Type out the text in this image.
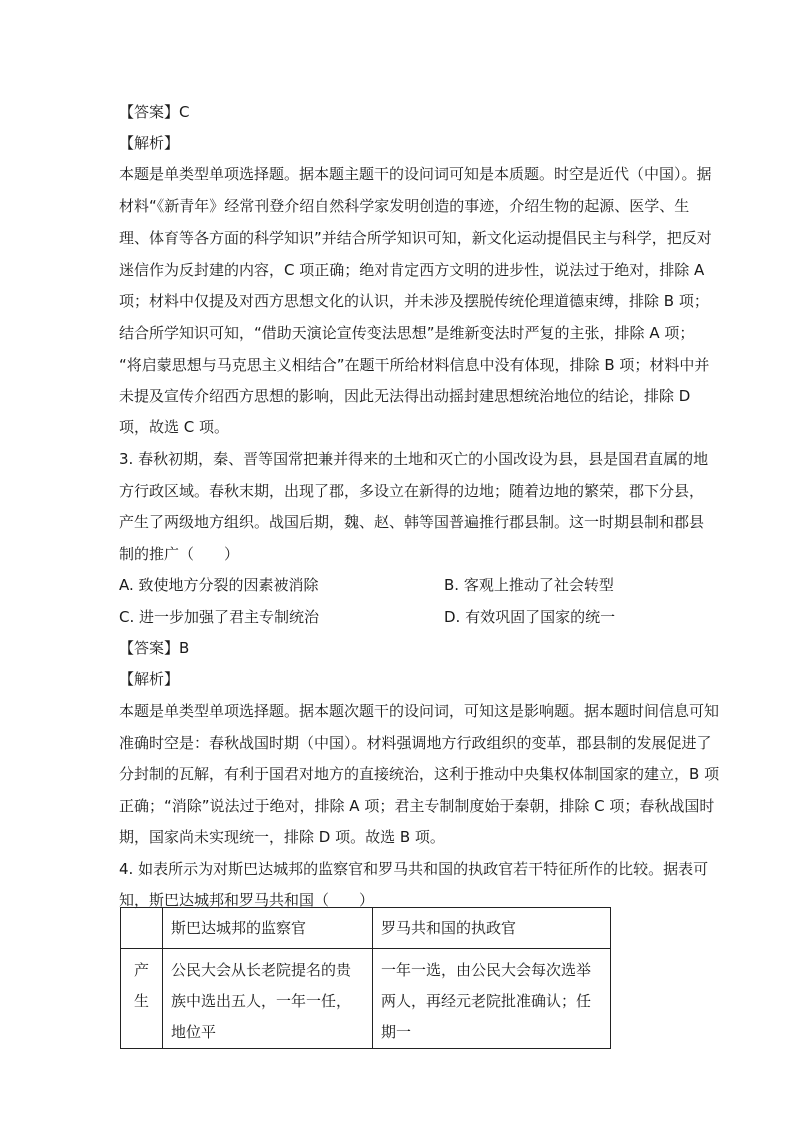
【答案】C
【解析】
本题是单类型单项选择题。据本题主题干的设问词可知是本质题。时空是近代（中国）。据
材料“《新青年》经常刊登介绍自然科学家发明创造的事迹，介绍生物的起源、医学、生
理、体育等各方面的科学知识”并结合所学知识可知，新文化运动提倡民主与科学，把反对
迷信作为反封建的内容，C 项正确；绝对肯定西方文明的进步性，说法过于绝对，排除 A
项；材料中仅提及对西方思想文化的认识，并未涉及摆脱传统伦理道德束缚，排除 B 项；
结合所学知识可知，“借助天演论宣传变法思想”是维新变法时严复的主张，排除 A 项；
“将启蒙思想与马克思主义相结合”在题干所给材料信息中没有体现，排除 B 项；材料中并
未提及宣传介绍西方思想的影响，因此无法得出动摇封建思想统治地位的结论，排除 D
项，故选 C 项。
3. 春秋初期，秦、晋等国常把兼并得来的土地和灭亡的小国改设为县，县是国君直属的地
方行政区域。春秋末期，出现了郡，多设立在新得的边地；随着边地的繁荣，郡下分县，
产生了两级地方组织。战国后期，魏、赵、韩等国普遍推行郡县制。这一时期县制和郡县
制的推广（　　）
A. 致使地方分裂的因素被消除	B. 客观上推动了社会转型
C. 进一步加强了君主专制统治	D. 有效巩固了国家的统一
【答案】B
【解析】
本题是单类型单项选择题。据本题次题干的设问词，可知这是影响题。据本题时间信息可知
准确时空是：春秋战国时期（中国）。材料强调地方行政组织的变革，郡县制的发展促进了
分封制的瓦解，有利于国君对地方的直接统治，这利于推动中央集权体制国家的建立，B 项
正确；“消除”说法过于绝对，排除 A 项；君主专制制度始于秦朝，排除 C 项；春秋战国时
期，国家尚未实现统一，排除 D 项。故选 B 项。
4. 如表所示为对斯巴达城邦的监察官和罗马共和国的执政官若干特征所作的比较。据表可
知，斯巴达城邦和罗马共和国（　　）
	斯巴达城邦的监察官	罗马共和国的执政官

产生	公民大会从长老院提名的贵族中选出五人，一年一任，地位平	一年一选，由公民大会每次选举两人，再经元老院批准确认；任期一
